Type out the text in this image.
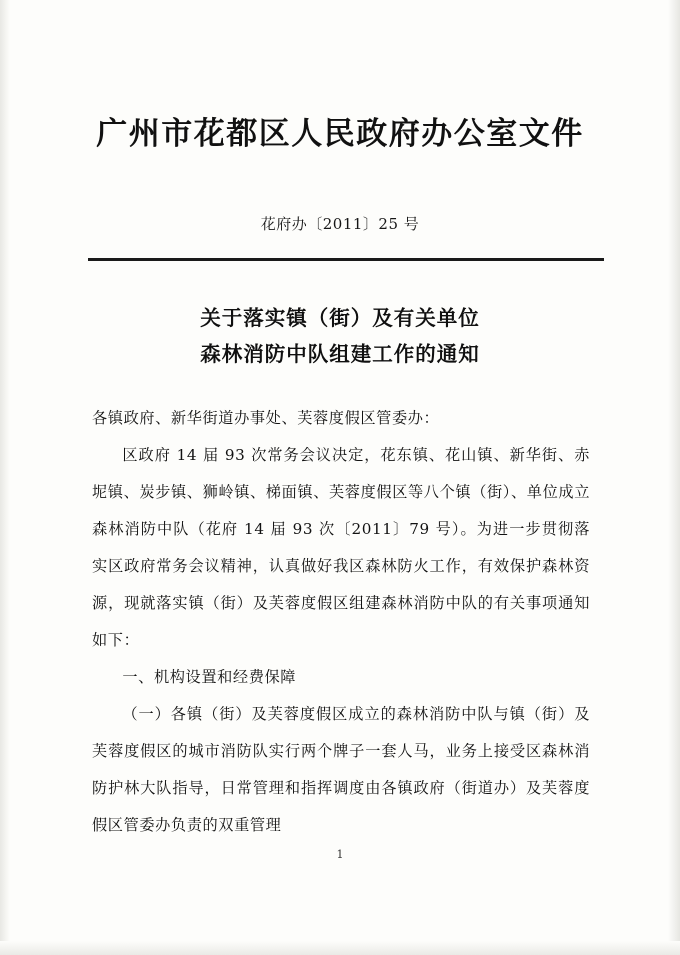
广州市花都区人民政府办公室文件
花府办〔2011〕25 号
关于落实镇（街）及有关单位
森林消防中队组建工作的通知

各镇政府、新华街道办事处、芙蓉度假区管委办：

区政府 14 届 93 次常务会议决定，花东镇、花山镇、新华街、赤坭镇、炭步镇、狮岭镇、梯面镇、芙蓉度假区等八个镇（街）、单位成立森林消防中队（花府 14 届 93 次〔2011〕79 号）。为进一步贯彻落实区政府常务会议精神，认真做好我区森林防火工作，有效保护森林资源，现就落实镇（街）及芙蓉度假区组建森林消防中队的有关事项通知如下：

一、机构设置和经费保障

（一）各镇（街）及芙蓉度假区成立的森林消防中队与镇（街）及芙蓉度假区的城市消防队实行两个牌子一套人马，业务上接受区森林消防护林大队指导，日常管理和指挥调度由各镇政府（街道办）及芙蓉度假区管委办负责的双重管理

1
